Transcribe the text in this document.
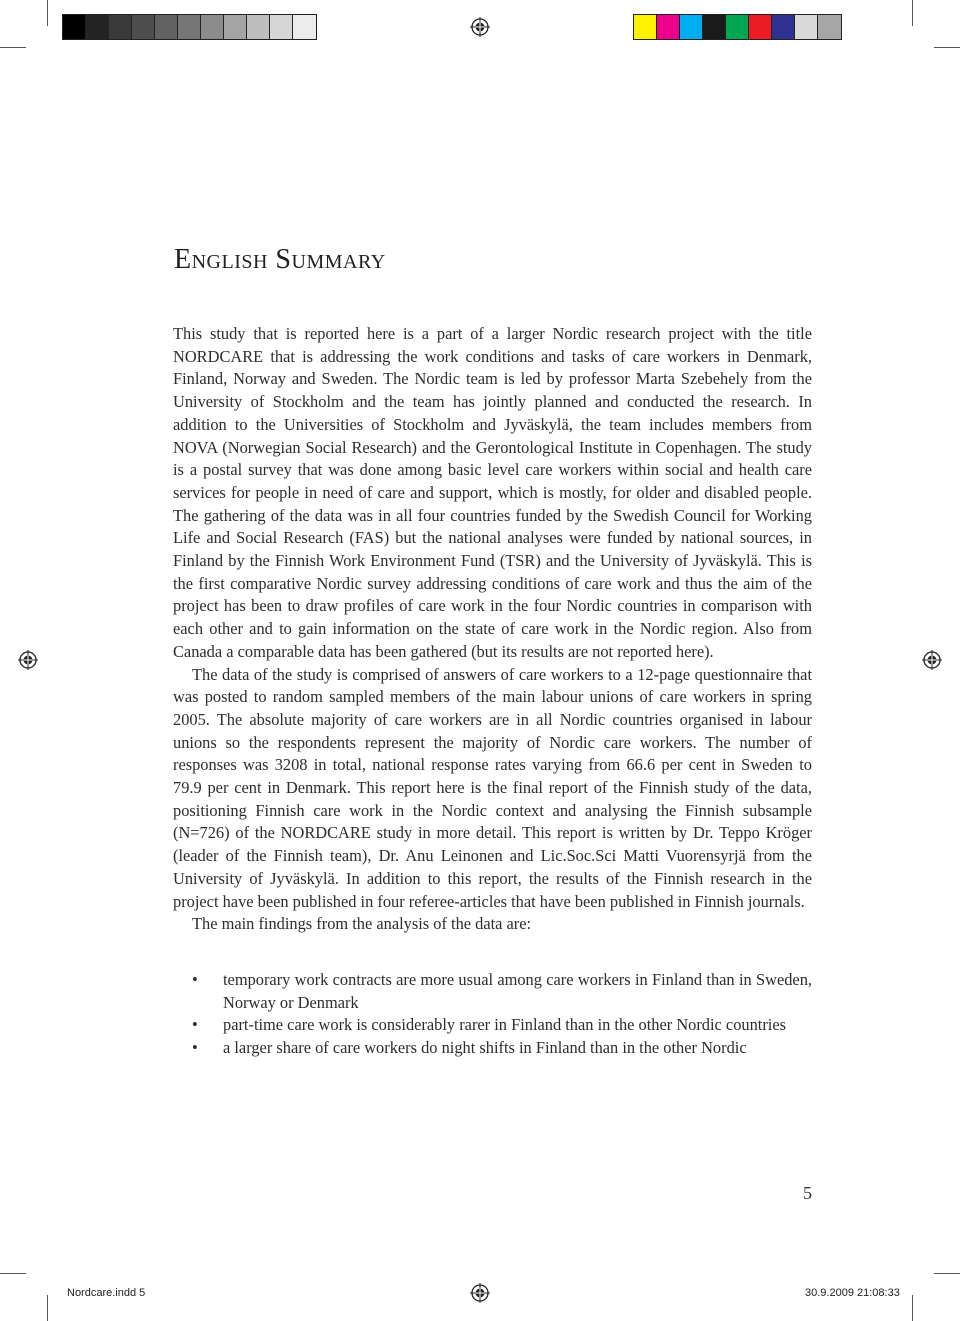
English Summary

This study that is reported here is a part of a larger Nordic research project with the title NORDCARE that is addressing the work conditions and tasks of care workers in Denmark, Finland, Norway and Sweden. The Nordic team is led by professor Marta Szebehely from the University of Stockholm and the team has jointly planned and conducted the research. In addition to the Universities of Stockholm and Jyväskylä, the team includes members from NOVA (Norwegian Social Research) and the Gerontological Institute in Copenhagen. The study is a postal survey that was done among basic level care workers within social and health care services for people in need of care and support, which is mostly, for older and disabled people. The gathering of the data was in all four countries funded by the Swedish Council for Working Life and Social Research (FAS) but the national analyses were funded by national sources, in Finland by the Finnish Work Environment Fund (TSR) and the University of Jyväskylä. This is the first comparative Nordic survey addressing conditions of care work and thus the aim of the project has been to draw profiles of care work in the four Nordic countries in comparison with each other and to gain information on the state of care work in the Nordic region. Also from Canada a comparable data has been gathered (but its results are not reported here).

The data of the study is comprised of answers of care workers to a 12-page questionnaire that was posted to random sampled members of the main labour unions of care workers in spring 2005. The absolute majority of care workers are in all Nordic countries organised in labour unions so the respondents represent the majority of Nordic care workers. The number of responses was 3208 in total, national response rates varying from 66.6 per cent in Sweden to 79.9 per cent in Denmark. This report here is the final report of the Finnish study of the data, positioning Finnish care work in the Nordic context and analysing the Finnish subsample (N=726) of the NORDCARE study in more detail. This report is written by Dr. Teppo Kröger (leader of the Finnish team), Dr. Anu Leinonen and Lic.Soc.Sci Matti Vuorensyrjä from the University of Jyväskylä. In addition to this report, the results of the Finnish research in the project have been published in four referee-articles that have been published in Finnish journals.

The main findings from the analysis of the data are:

• temporary work contracts are more usual among care workers in Finland than in Sweden, Norway or Denmark
• part-time care work is considerably rarer in Finland than in the other Nordic countries
• a larger share of care workers do night shifts in Finland than in the other Nordic
5
Nordcare.indd 5	30.9.2009 21:08:33
